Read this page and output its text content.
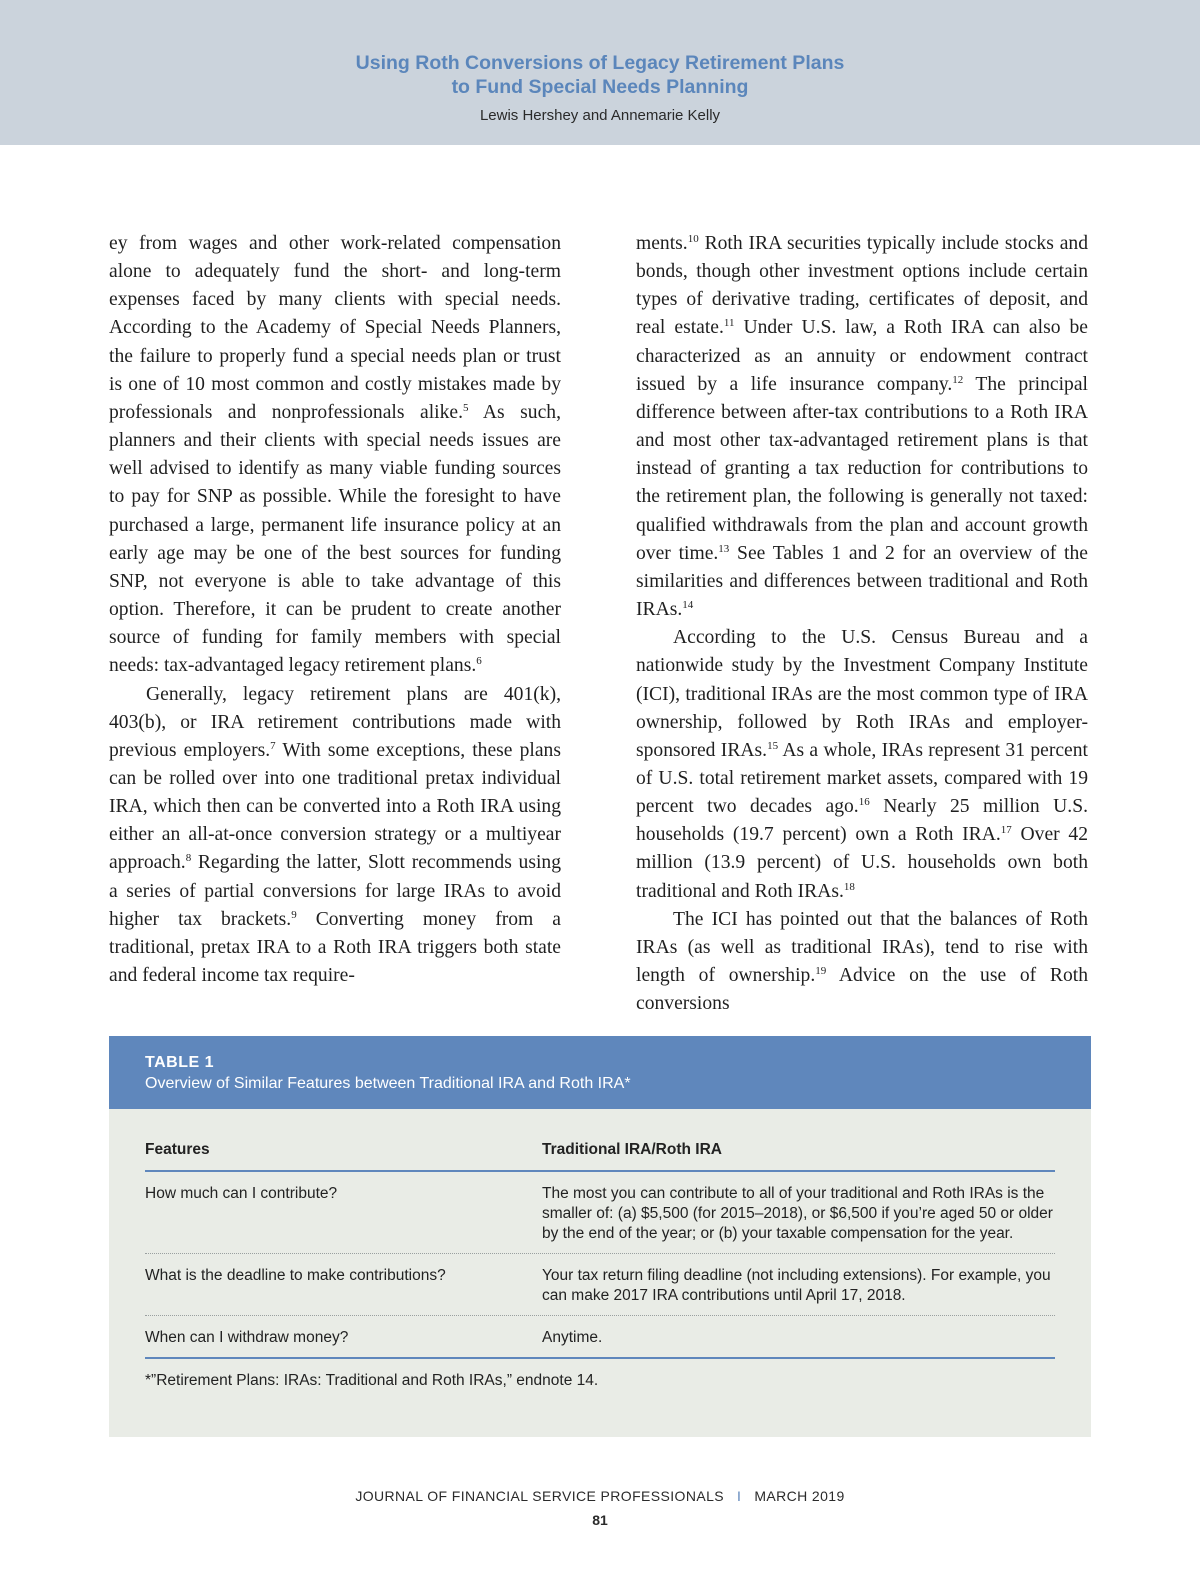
Using Roth Conversions of Legacy Retirement Plans
to Fund Special Needs Planning
Lewis Hershey and Annemarie Kelly

ey from wages and other work-related compensation alone to adequately fund the short- and long-term expenses faced by many clients with special needs. According to the Academy of Special Needs Planners, the failure to properly fund a special needs plan or trust is one of 10 most common and costly mistakes made by professionals and nonprofessionals alike.$^5$ As such, planners and their clients with special needs issues are well advised to identify as many viable funding sources to pay for SNP as possible. While the foresight to have purchased a large, permanent life insurance policy at an early age may be one of the best sources for funding SNP, not everyone is able to take advantage of this option. Therefore, it can be prudent to create another source of funding for family members with special needs: tax-advantaged legacy retirement plans.$^6$

Generally, legacy retirement plans are 401(k), 403(b), or IRA retirement contributions made with previous employers.$^7$ With some exceptions, these plans can be rolled over into one traditional pretax individual IRA, which then can be converted into a Roth IRA using either an all-at-once conversion strategy or a multiyear approach.$^8$ Regarding the latter, Slott recommends using a series of partial conversions for large IRAs to avoid higher tax brackets.$^9$ Converting money from a traditional, pretax IRA to a Roth IRA triggers both state and federal income tax require-

ments.$^{10}$ Roth IRA securities typically include stocks and bonds, though other investment options include certain types of derivative trading, certificates of deposit, and real estate.$^{11}$ Under U.S. law, a Roth IRA can also be characterized as an annuity or endowment contract issued by a life insurance company.$^{12}$ The principal difference between after-tax contributions to a Roth IRA and most other tax-advantaged retirement plans is that instead of granting a tax reduction for contributions to the retirement plan, the following is generally not taxed: qualified withdrawals from the plan and account growth over time.$^{13}$ See Tables 1 and 2 for an overview of the similarities and differences between traditional and Roth IRAs.$^{14}$

According to the U.S. Census Bureau and a nationwide study by the Investment Company Institute (ICI), traditional IRAs are the most common type of IRA ownership, followed by Roth IRAs and employer-sponsored IRAs.$^{15}$ As a whole, IRAs represent 31 percent of U.S. total retirement market assets, compared with 19 percent two decades ago.$^{16}$ Nearly 25 million U.S. households (19.7 percent) own a Roth IRA.$^{17}$ Over 42 million (13.9 percent) of U.S. households own both traditional and Roth IRAs.$^{18}$

The ICI has pointed out that the balances of Roth IRAs (as well as traditional IRAs), tend to rise with length of ownership.$^{19}$ Advice on the use of Roth conversions

TABLE 1
Overview of Similar Features between Traditional IRA and Roth IRA*
Features	Traditional IRA/Roth IRA
How much can I contribute?	The most you can contribute to all of your traditional and Roth IRAs is the smaller of: (a) $5,500 (for 2015–2018), or $6,500 if you’re aged 50 or older by the end of the year; or (b) your taxable compensation for the year.
What is the deadline to make contributions?	Your tax return filing deadline (not including extensions). For example, you can make 2017 IRA contributions until April 17, 2018.
When can I withdraw money?	Anytime.
*”Retirement Plans: IRAs: Traditional and Roth IRAs,” endnote 14.
JOURNAL OF FINANCIAL SERVICE PROFESSIONALS I MARCH 2019
81
